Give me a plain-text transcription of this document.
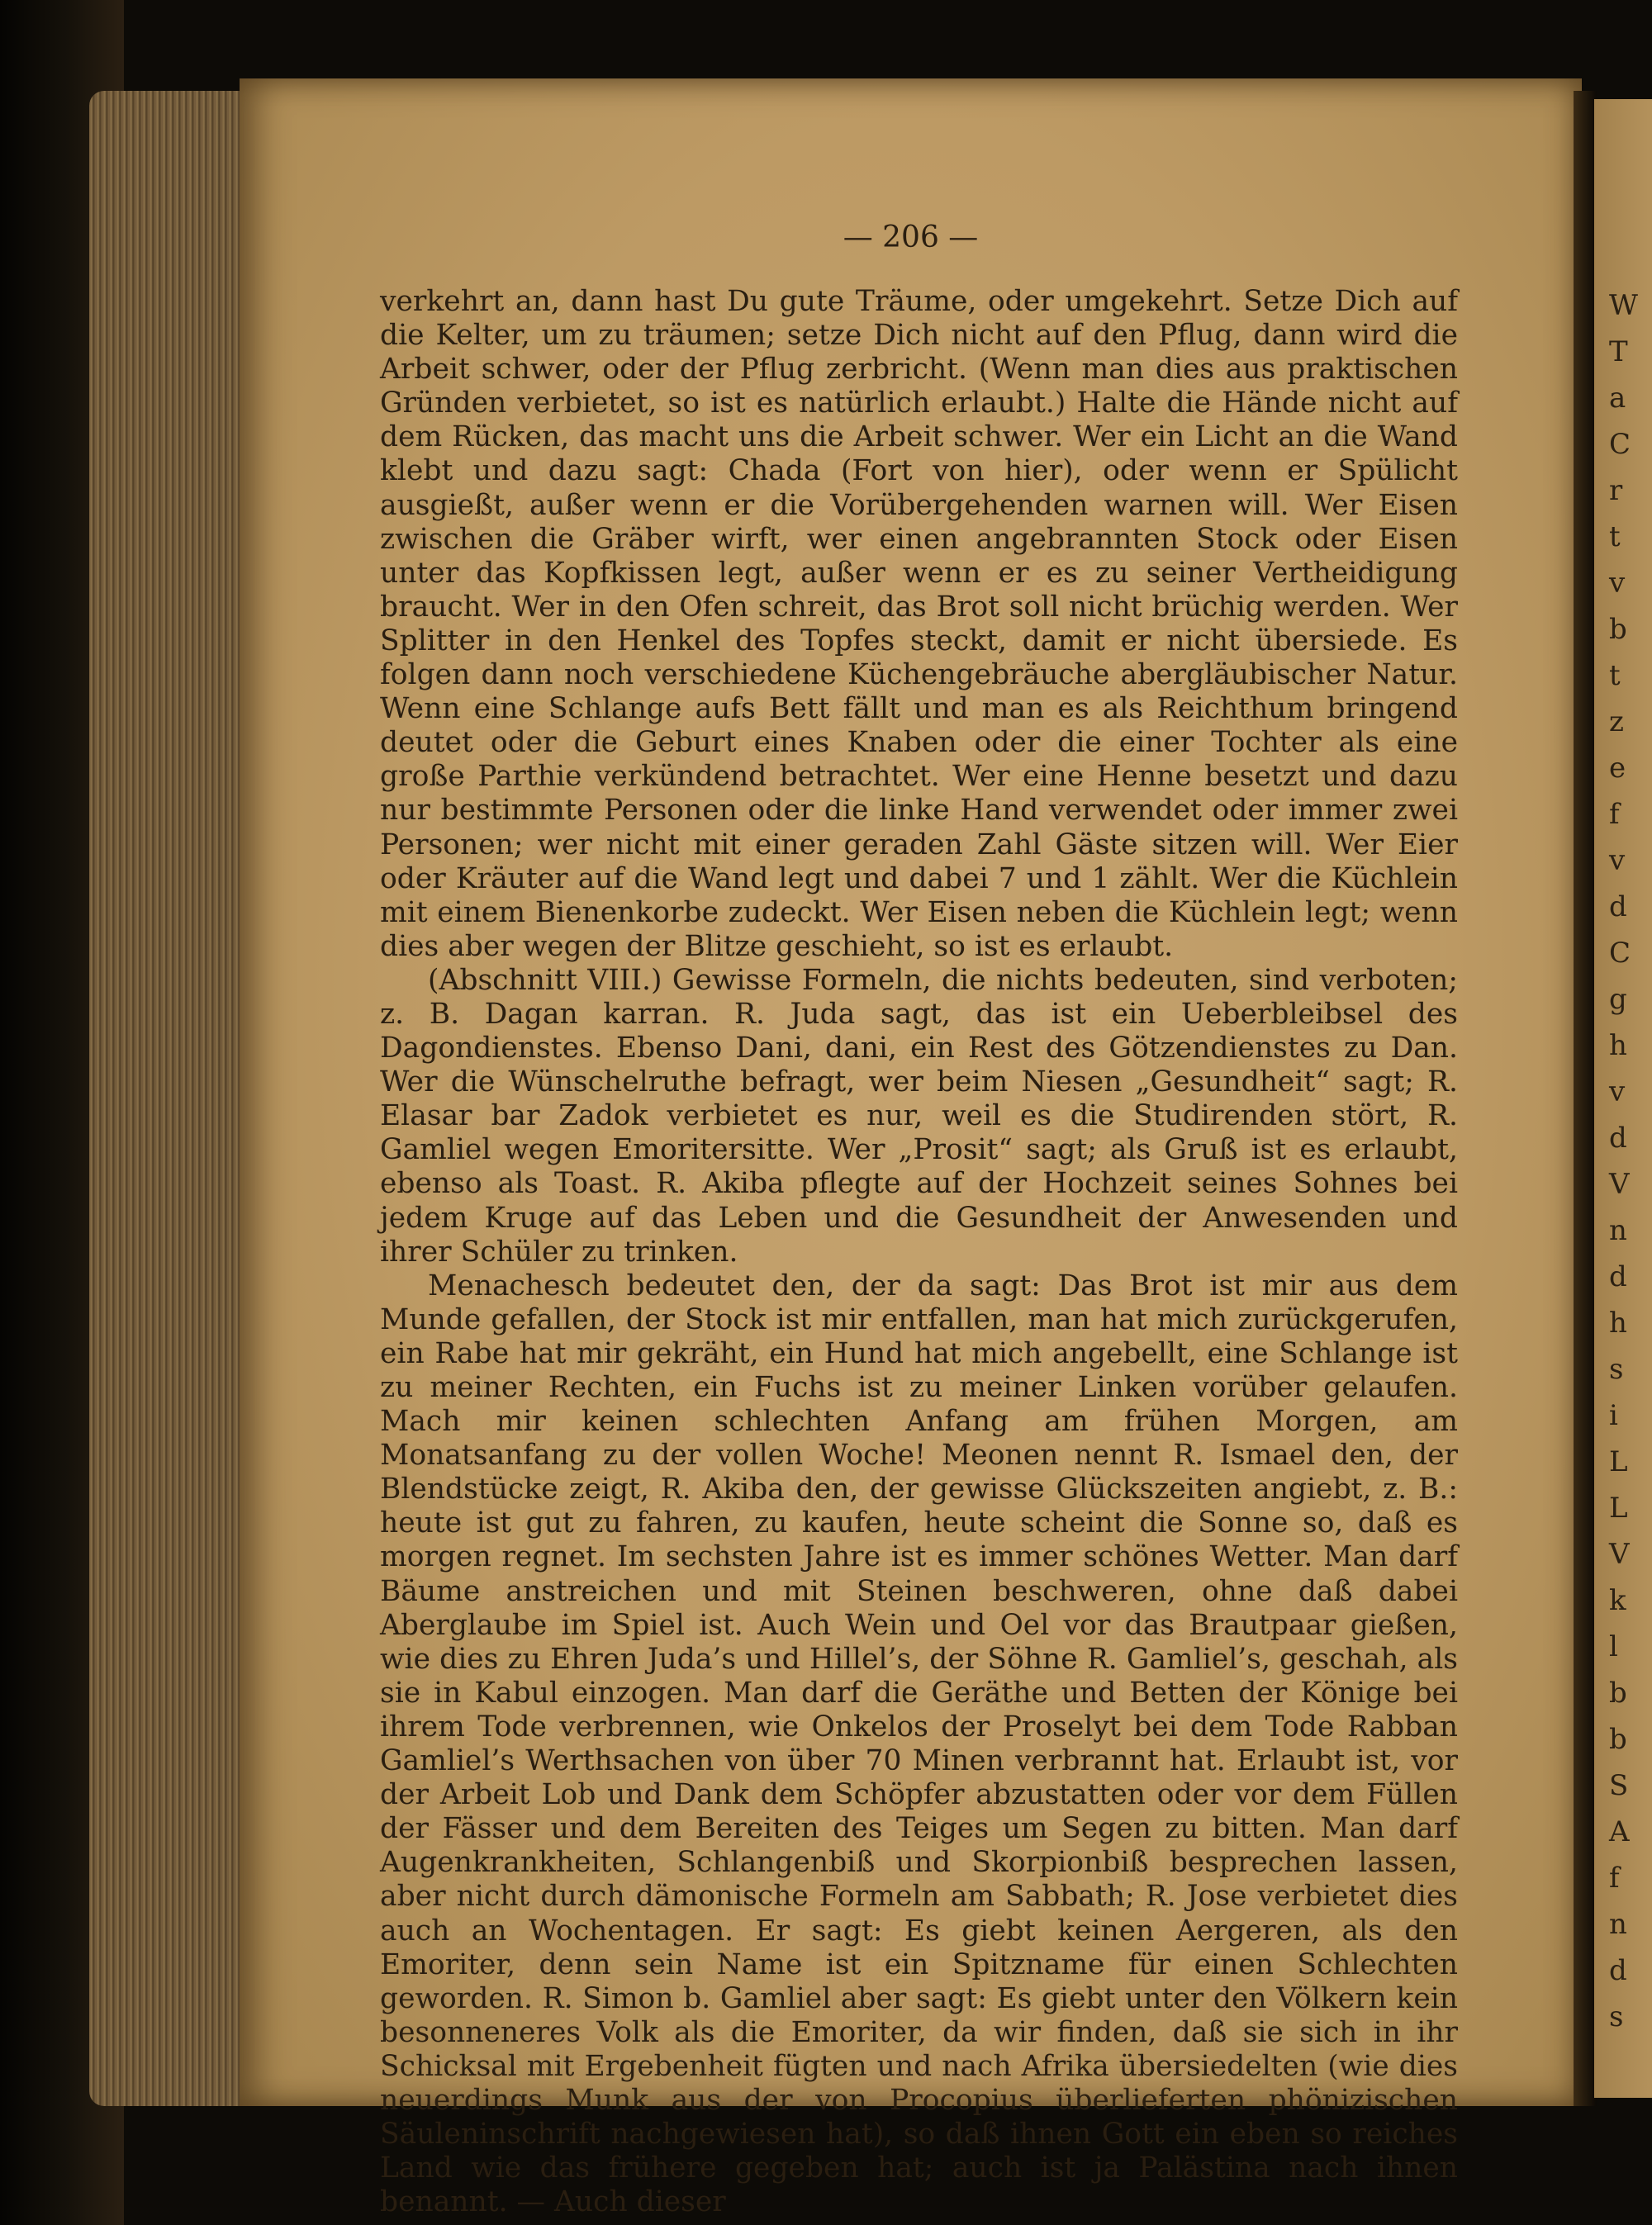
— 206 —

verkehrt an, dann hast Du gute Träume, oder umgekehrt. Setze Dich auf die Kelter, um zu träumen; setze Dich nicht auf den Pflug, dann wird die Arbeit schwer, oder der Pflug zerbricht. (Wenn man dies aus praktischen Gründen verbietet, so ist es natürlich erlaubt.) Halte die Hände nicht auf dem Rücken, das macht uns die Arbeit schwer. Wer ein Licht an die Wand klebt und dazu sagt: Chada (Fort von hier), oder wenn er Spülicht ausgießt, außer wenn er die Vorübergehenden warnen will. Wer Eisen zwischen die Gräber wirft, wer einen angebrannten Stock oder Eisen unter das Kopfkissen legt, außer wenn er es zu seiner Vertheidigung braucht. Wer in den Ofen schreit, das Brot soll nicht brüchig werden. Wer Splitter in den Henkel des Topfes steckt, damit er nicht übersiede. Es folgen dann noch verschiedene Küchengebräuche abergläubischer Natur. Wenn eine Schlange aufs Bett fällt und man es als Reichthum bringend deutet oder die Geburt eines Knaben oder die einer Tochter als eine große Parthie verkündend betrachtet. Wer eine Henne besetzt und dazu nur bestimmte Personen oder die linke Hand verwendet oder immer zwei Personen; wer nicht mit einer geraden Zahl Gäste sitzen will. Wer Eier oder Kräuter auf die Wand legt und dabei 7 und 1 zählt. Wer die Küchlein mit einem Bienenkorbe zudeckt. Wer Eisen neben die Küchlein legt; wenn dies aber wegen der Blitze geschieht, so ist es erlaubt.

(Abschnitt VIII.) Gewisse Formeln, die nichts bedeuten, sind verboten; z. B. Dagan karran. R. Juda sagt, das ist ein Ueberbleibsel des Dagondienstes. Ebenso Dani, dani, ein Rest des Götzendienstes zu Dan. Wer die Wünschelruthe befragt, wer beim Niesen „Gesundheit“ sagt; R. Elasar bar Zadok verbietet es nur, weil es die Studirenden stört, R. Gamliel wegen Emoritersitte. Wer „Prosit“ sagt; als Gruß ist es erlaubt, ebenso als Toast. R. Akiba pflegte auf der Hochzeit seines Sohnes bei jedem Kruge auf das Leben und die Gesundheit der Anwesenden und ihrer Schüler zu trinken.

Menachesch bedeutet den, der da sagt: Das Brot ist mir aus dem Munde gefallen, der Stock ist mir entfallen, man hat mich zurückgerufen, ein Rabe hat mir gekräht, ein Hund hat mich angebellt, eine Schlange ist zu meiner Rechten, ein Fuchs ist zu meiner Linken vorüber gelaufen. Mach mir keinen schlechten Anfang am frühen Morgen, am Monatsanfang zu der vollen Woche! Meonen nennt R. Ismael den, der Blendstücke zeigt, R. Akiba den, der gewisse Glückszeiten angiebt, z. B.: heute ist gut zu fahren, zu kaufen, heute scheint die Sonne so, daß es morgen regnet. Im sechsten Jahre ist es immer schönes Wetter. Man darf Bäume anstreichen und mit Steinen beschweren, ohne daß dabei Aberglaube im Spiel ist. Auch Wein und Oel vor das Brautpaar gießen, wie dies zu Ehren Juda’s und Hillel’s, der Söhne R. Gamliel’s, geschah, als sie in Kabul einzogen. Man darf die Geräthe und Betten der Könige bei ihrem Tode verbrennen, wie Onkelos der Proselyt bei dem Tode Rabban Gamliel’s Werthsachen von über 70 Minen verbrannt hat. Erlaubt ist, vor der Arbeit Lob und Dank dem Schöpfer abzustatten oder vor dem Füllen der Fässer und dem Bereiten des Teiges um Segen zu bitten. Man darf Augenkrankheiten, Schlangenbiß und Skorpionbiß besprechen lassen, aber nicht durch dämonische Formeln am Sabbath; R. Jose verbietet dies auch an Wochentagen. Er sagt: Es giebt keinen Aergeren, als den Emoriter, denn sein Name ist ein Spitzname für einen Schlechten geworden. R. Simon b. Gamliel aber sagt: Es giebt unter den Völkern kein besonneneres Volk als die Emoriter, da wir finden, daß sie sich in ihr Schicksal mit Ergebenheit fügten und nach Afrika übersiedelten (wie dies neuerdings Munk aus der von Procopius überlieferten phönizischen Säuleninschrift nachgewiesen hat), so daß ihnen Gott ein eben so reiches Land wie das frühere gegeben hat; auch ist ja Palästina nach ihnen benannt. — Auch dieser

W
T
a
C
r
t
v
b
t
z
e
f
v
d
C
g
h
v
d
V
n
d
h
s
i
L
L
V
k
l
b
b
S
A
f
n
d
s
